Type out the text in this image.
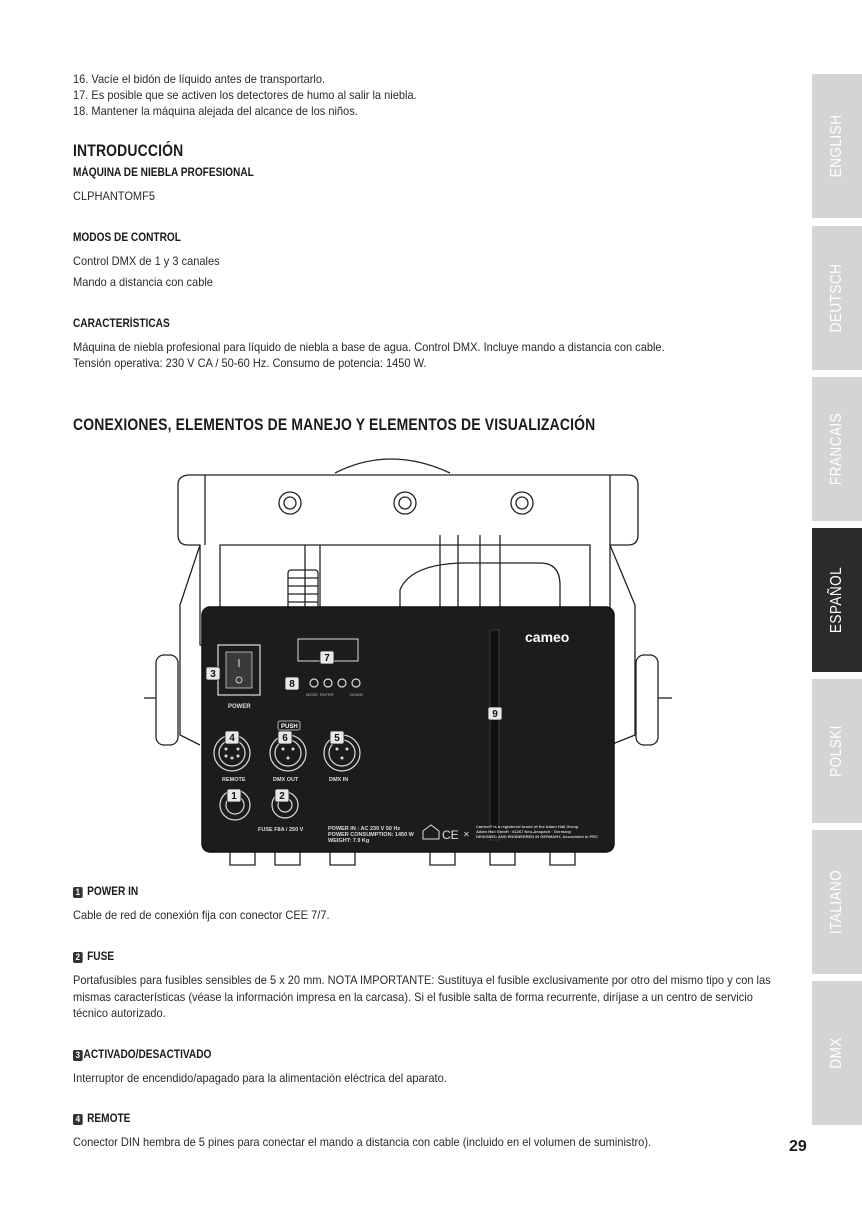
16. Vacíe el bidón de líquido antes de transportarlo.
17. Es posible que se activen los detectores de humo al salir la niebla.
18. Mantener la máquina alejada del alcance de los niños.
INTRODUCCIÓN
MÁQUINA DE NIEBLA PROFESIONAL
CLPHANTOMF5
MODOS DE CONTROL
Control DMX de 1 y 3 canales
Mando a distancia con cable
CARACTERÍSTICAS
Máquina de niebla profesional para líquido de niebla a base de agua. Control DMX. Incluye mando a distancia con cable.
Tensión operativa: 230 V CA / 50-60 Hz. Consumo de potencia: 1450 W.
CONEXIONES, ELEMENTOS DE MANEJO Y ELEMENTOS DE VISUALIZACIÓN
cameo
POWER
MODE ENTER	DOWN
PUSH
REMOTE	DMX OUT	DMX IN
FUSE F8A / 250 V	POWER IN : AC 230 V 50 Hz
POWER CONSUMPTION: 1450 W
WEIGHT: 7.9 Kg	CE ✕
Cameo® is a registered brand of the Adam Hall Group
Adam Hall GmbH · 61267 Neu-Anspach · Germany
DESIGNED AND ENGINEERED IN GERMANY, Assembled in PRC
1	2
3
4	5
6
7
8
9
1 POWER IN
Cable de red de conexión fija con conector CEE 7/7.
2 FUSE
Portafusibles para fusibles sensibles de 5 x 20 mm. NOTA IMPORTANTE: Sustituya el fusible exclusivamente por otro del mismo tipo y con las mismas características (véase la información impresa en la carcasa). Si el fusible salta de forma recurrente, diríjase a un centro de servicio técnico autorizado.
3 ACTIVADO/DESACTIVADO
Interruptor de encendido/apagado para la alimentación eléctrica del aparato.
4 REMOTE
Conector DIN hembra de 5 pines para conectar el mando a distancia con cable (incluido en el volumen de suministro).
ENGLISH
DEUTSCH
FRANCAIS
ESPAÑOL
POLSKI
ITALIANO
DMX
29
